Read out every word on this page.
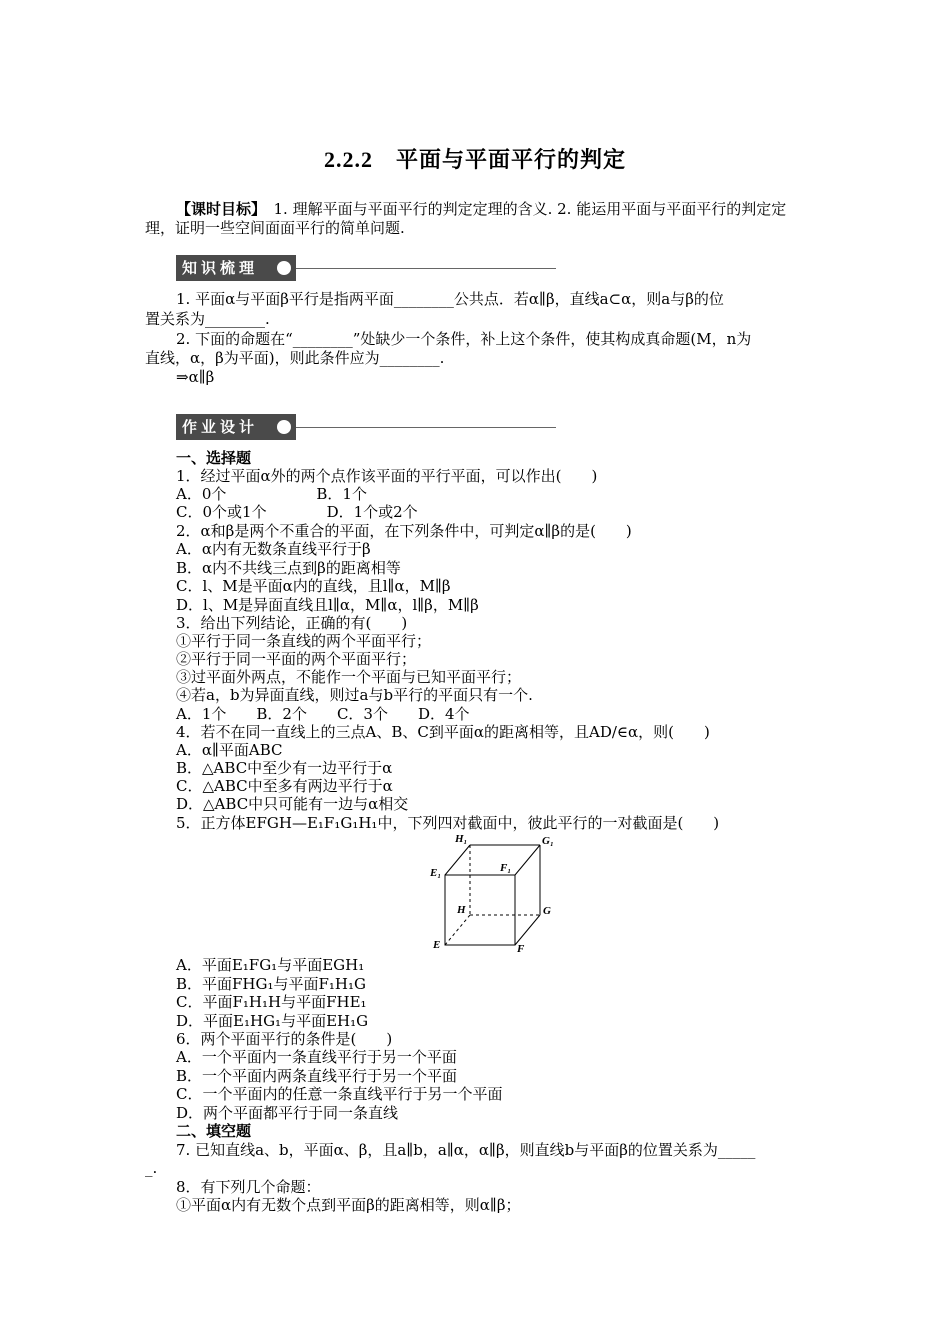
2.2.2　平面与平面平行的判定
【课时目标】　1. 理解平面与平面平行的判定定理的含义. 2. 能运用平面与平面平行的判定定理，证明一些空间面面平行的简单问题.
知识梳理
1. 平面α与平面β平行是指两平面________公共点．若α∥β，直线a⊂α，则a与β的位
置关系为________.
2. 下面的命题在“________”处缺少一个条件，补上这个条件，使其构成真命题(M，n为
直线，α，β为平面)，则此条件应为________.
⇒α∥β
作业设计
一、选择题
1．经过平面α外的两个点作该平面的平行平面，可以作出(　　)
A．0个　　　　　　B．1个
C．0个或1个　　　　D．1个或2个
2．α和β是两个不重合的平面，在下列条件中，可判定α∥β的是(　　)
A．α内有无数条直线平行于β
B．α内不共线三点到β的距离相等
C．l、M是平面α内的直线，且l∥α，M∥β
D．l、M是异面直线且l∥α，M∥α，l∥β，M∥β
3．给出下列结论，正确的有(　　)
①平行于同一条直线的两个平面平行；
②平行于同一平面的两个平面平行；
③过平面外两点，不能作一个平面与已知平面平行；
④若a，b为异面直线，则过a与b平行的平面只有一个.
A．1个　　B．2个　　C．3个　　D．4个
4．若不在同一直线上的三点A、B、C到平面α的距离相等，且AD/∈α，则(　　)
A．α∥平面ABC
B．△ABC中至少有一边平行于α
C．△ABC中至多有两边平行于α
D．△ABC中只可能有一边与α相交
5．正方体EFGH—E₁F₁G₁H₁中，下列四对截面中，彼此平行的一对截面是(　　)
H₁	G₁
E₁	F₁
H	G
E	F
A．平面E₁FG₁与平面EGH₁
B．平面FHG₁与平面F₁H₁G
C．平面F₁H₁H与平面FHE₁
D．平面E₁HG₁与平面EH₁G
6．两个平面平行的条件是(　　)
A．一个平面内一条直线平行于另一个平面
B．一个平面内两条直线平行于另一个平面
C．一个平面内的任意一条直线平行于另一个平面
D．两个平面都平行于同一条直线
二、填空题
7. 已知直线a、b，平面α、β，且a∥b，a∥α，α∥β，则直线b与平面β的位置关系为_____
_.
8．有下列几个命题：
①平面α内有无数个点到平面β的距离相等，则α∥β；
